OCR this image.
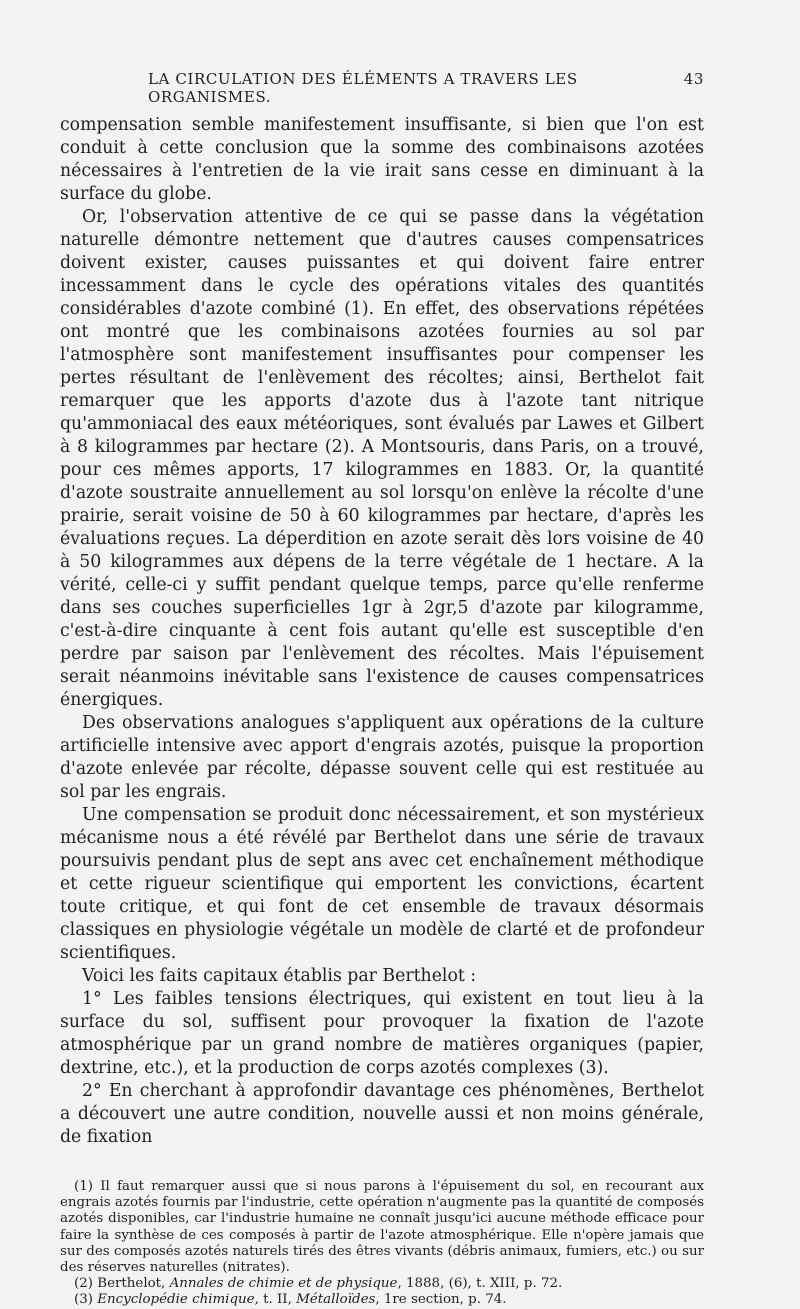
LA CIRCULATION DES ÉLÉMENTS A TRAVERS LES ORGANISMES.
43

compensation semble manifestement insuffisante, si bien que l'on est conduit à cette conclusion que la somme des combinaisons azotées nécessaires à l'entretien de la vie irait sans cesse en diminuant à la surface du globe.

Or, l'observation attentive de ce qui se passe dans la végétation naturelle démontre nettement que d'autres causes compensatrices doivent exister, causes puissantes et qui doivent faire entrer incessamment dans le cycle des opérations vitales des quantités considérables d'azote combiné (1). En effet, des observations répétées ont montré que les combinaisons azotées fournies au sol par l'atmosphère sont manifestement insuffisantes pour compenser les pertes résultant de l'enlèvement des récoltes; ainsi, Berthelot fait remarquer que les apports d'azote dus à l'azote tant nitrique qu'ammoniacal des eaux météoriques, sont évalués par Lawes et Gilbert à 8 kilogrammes par hectare (2). A Montsouris, dans Paris, on a trouvé, pour ces mêmes apports, 17 kilogrammes en 1883. Or, la quantité d'azote soustraite annuellement au sol lorsqu'on enlève la récolte d'une prairie, serait voisine de 50 à 60 kilogrammes par hectare, d'après les évaluations reçues. La déperdition en azote serait dès lors voisine de 40 à 50 kilogrammes aux dépens de la terre végétale de 1 hectare. A la vérité, celle-ci y suffit pendant quelque temps, parce qu'elle renferme dans ses couches superficielles 1gr à 2gr,5 d'azote par kilogramme, c'est-à-dire cinquante à cent fois autant qu'elle est susceptible d'en perdre par saison par l'enlèvement des récoltes. Mais l'épuisement serait néanmoins inévitable sans l'existence de causes compensatrices énergiques.

Des observations analogues s'appliquent aux opérations de la culture artificielle intensive avec apport d'engrais azotés, puisque la proportion d'azote enlevée par récolte, dépasse souvent celle qui est restituée au sol par les engrais.

Une compensation se produit donc nécessairement, et son mystérieux mécanisme nous a été révélé par Berthelot dans une série de travaux poursuivis pendant plus de sept ans avec cet enchaînement méthodique et cette rigueur scientifique qui emportent les convictions, écartent toute critique, et qui font de cet ensemble de travaux désormais classiques en physiologie végétale un modèle de clarté et de profondeur scientifiques.

Voici les faits capitaux établis par Berthelot :

1° Les faibles tensions électriques, qui existent en tout lieu à la surface du sol, suffisent pour provoquer la fixation de l'azote atmosphérique par un grand nombre de matières organiques (papier, dextrine, etc.), et la production de corps azotés complexes (3).

2° En cherchant à approfondir davantage ces phénomènes, Berthelot a découvert une autre condition, nouvelle aussi et non moins générale, de fixation

(1) Il faut remarquer aussi que si nous parons à l'épuisement du sol, en recourant aux engrais azotés fournis par l'industrie, cette opération n'augmente pas la quantité de composés azotés disponibles, car l'industrie humaine ne connaît jusqu'ici aucune méthode efficace pour faire la synthèse de ces composés à partir de l'azote atmosphérique. Elle n'opère jamais que sur des composés azotés naturels tirés des êtres vivants (débris animaux, fumiers, etc.) ou sur des réserves naturelles (nitrates).

(2) Berthelot, Annales de chimie et de physique, 1888, (6), t. XIII, p. 72.

(3) Encyclopédie chimique, t. II, Métalloïdes, 1re section, p. 74.
